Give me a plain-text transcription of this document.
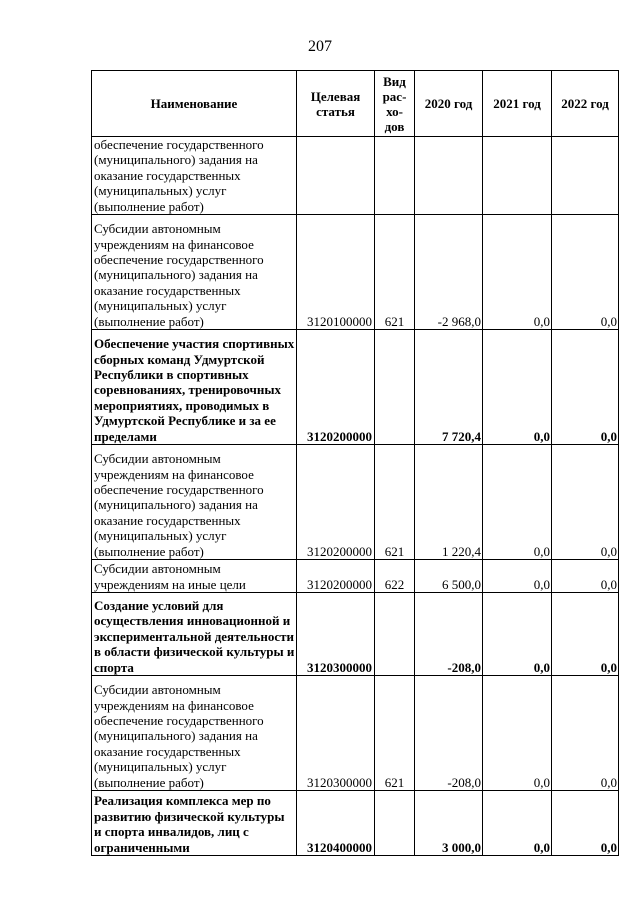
207
Наименование	Целевая статья	Вид рас-хо-дов	2020 год	2021 год	2022 год
обеспечение государственного (муниципального) задания на оказание государственных (муниципальных) услуг (выполнение работ)					
Субсидии автономным учреждениям на финансовое обеспечение государственного (муниципального) задания на оказание государственных (муниципальных) услуг (выполнение работ)	3120100000	621	-2 968,0	0,0	0,0
Обеспечение участия спортивных сборных команд Удмуртской Республики в спортивных соревнованиях, тренировочных мероприятиях, проводимых в Удмуртской Республике и за ее пределами	3120200000		7 720,4	0,0	0,0
Субсидии автономным учреждениям на финансовое обеспечение государственного (муниципального) задания на оказание государственных (муниципальных) услуг (выполнение работ)	3120200000	621	1 220,4	0,0	0,0
Субсидии автономным учреждениям на иные цели	3120200000	622	6 500,0	0,0	0,0
Создание условий для осуществления инновационной и экспериментальной деятельности в области физической культуры и спорта	3120300000		-208,0	0,0	0,0
Субсидии автономным учреждениям на финансовое обеспечение государственного (муниципального) задания на оказание государственных (муниципальных) услуг (выполнение работ)	3120300000	621	-208,0	0,0	0,0
Реализация комплекса мер по развитию физической культуры и спорта инвалидов, лиц с ограниченными	3120400000		3 000,0	0,0	0,0
